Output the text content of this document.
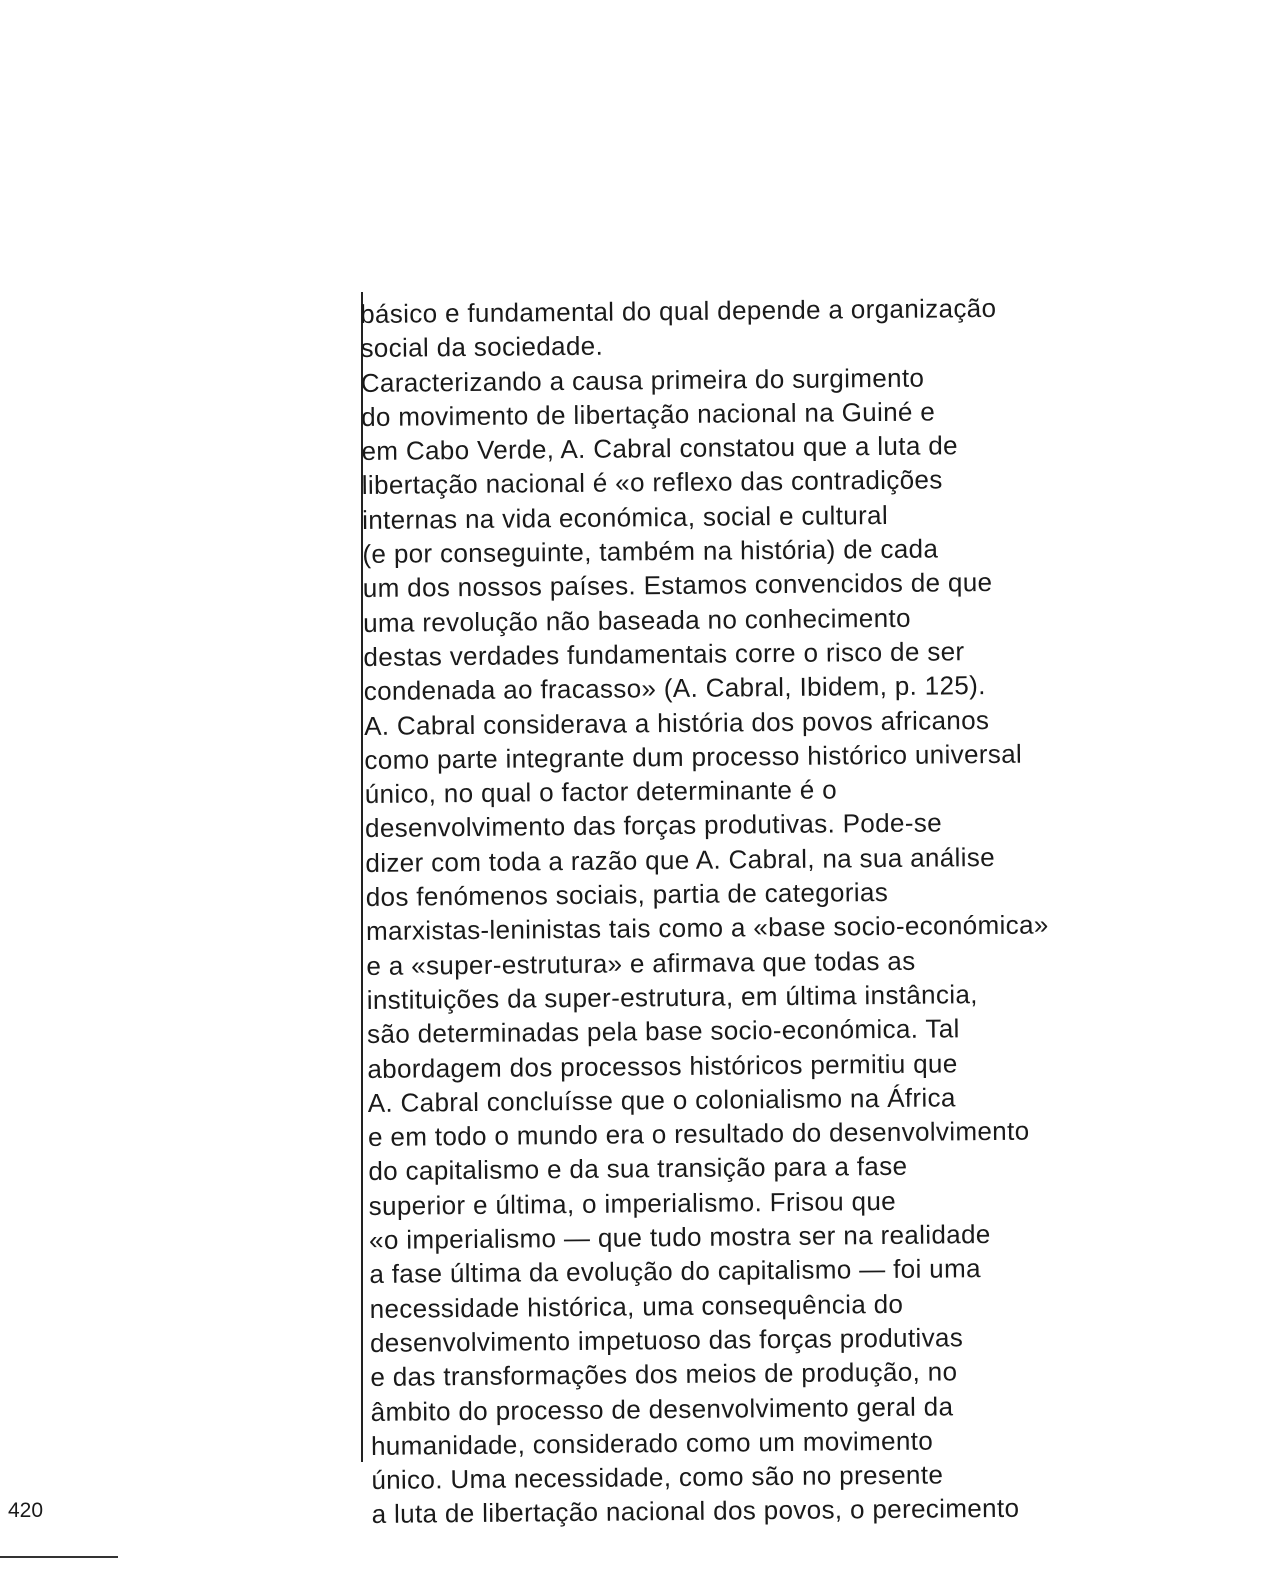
básico e fundamental do qual depende a organização
social da sociedade.
Caracterizando a causa primeira do surgimento
do movimento de libertação nacional na Guiné e
em Cabo Verde, A. Cabral constatou que a luta de
libertação nacional é «o reflexo das contradições
internas na vida económica, social e cultural
(e por conseguinte, também na história) de cada
um dos nossos países. Estamos convencidos de que
uma revolução não baseada no conhecimento
destas verdades fundamentais corre o risco de ser
condenada ao fracasso» (A. Cabral, Ibidem, p. 125).
A. Cabral considerava a história dos povos africanos
como parte integrante dum processo histórico universal
único, no qual o factor determinante é o
desenvolvimento das forças produtivas. Pode-se
dizer com toda a razão que A. Cabral, na sua análise
dos fenómenos sociais, partia de categorias
marxistas-leninistas tais como a «base socio-económica»
e a «super-estrutura» e afirmava que todas as
instituições da super-estrutura, em última instância,
são determinadas pela base socio-económica. Tal
abordagem dos processos históricos permitiu que
A. Cabral concluísse que o colonialismo na África
e em todo o mundo era o resultado do desenvolvimento
do capitalismo e da sua transição para a fase
superior e última, o imperialismo. Frisou que
«o imperialismo — que tudo mostra ser na realidade
a fase última da evolução do capitalismo — foi uma
necessidade histórica, uma consequência do
desenvolvimento impetuoso das forças produtivas
e das transformações dos meios de produção, no
âmbito do processo de desenvolvimento geral da
humanidade, considerado como um movimento
único. Uma necessidade, como são no presente
a luta de libertação nacional dos povos, o perecimento
420
